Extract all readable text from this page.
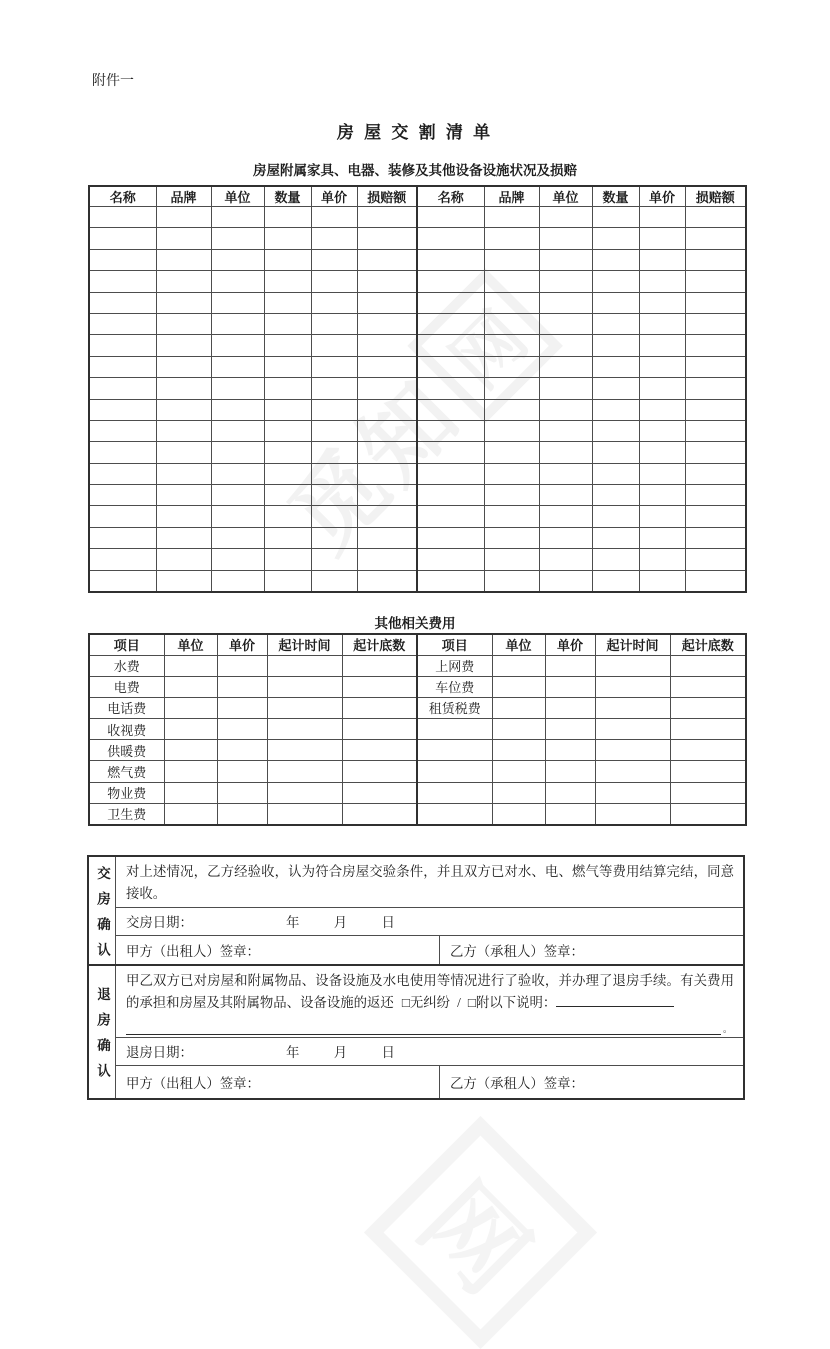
觅知
网
附件一
房 屋 交 割 清 单
房屋附属家具、电器、装修及其他设备设施状况及损赔
名称	品牌	单位	数量	单价	损赔额	名称	品牌	单位	数量	单价	损赔额

其他相关费用
项目	单位	单价	起计时间	起计底数	项目	单位	单价	起计时间	起计底数
水费					上网费				
电费					车位费				
电话费					租赁税费				
收视费									
供暖费									
燃气费									
物业费									
卫生费									
交房确认	对上述情况，乙方经验收，认为符合房屋交验条件，并且双方已对水、电、燃气等费用结算完结，同意接收。
交房日期：	年	月	日
甲方（出租人）签章：	乙方（承租人）签章：
退房确认
甲乙双方已对房屋和附属物品、设备设施及水电使用等情况进行了验收，并办理了退房手续。有关费用的承担和房屋及其附属物品、设备设施的返还 □无纠纷 / □附以下说明：
。
退房日期：	年	月	日
甲方（出租人）签章：	乙方（承租人）签章：
